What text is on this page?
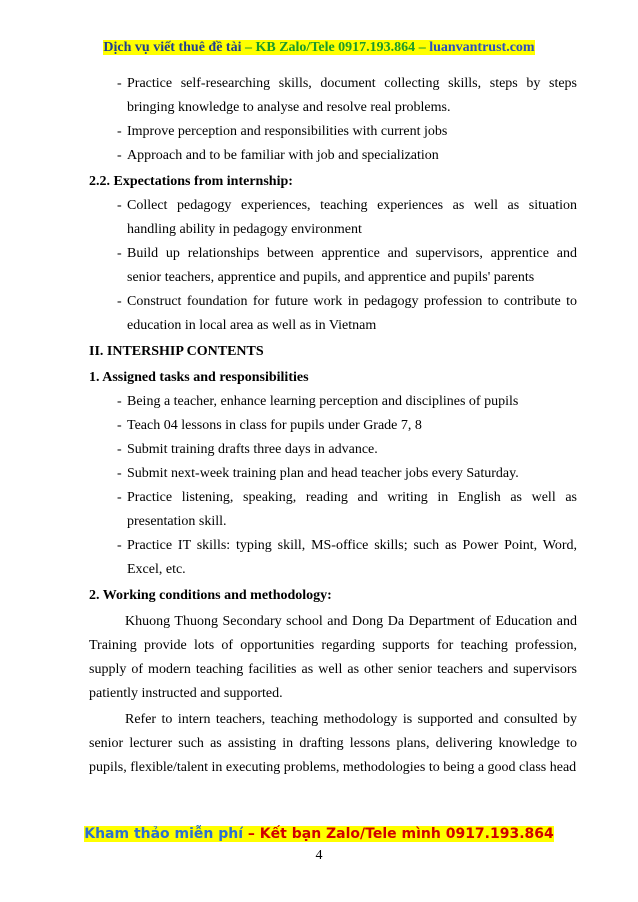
Dịch vụ viết thuê đề tài – KB Zalo/Tele 0917.193.864 – luanvantrust.com
- Practice self-researching skills, document collecting skills, steps by steps bringing knowledge to analyse and resolve real problems.
- Improve perception and responsibilities with current jobs
- Approach and to be familiar with job and specialization
2.2. Expectations from internship:
- Collect pedagogy experiences, teaching experiences as well as situation handling ability in pedagogy environment
- Build up relationships between apprentice and supervisors, apprentice and senior teachers, apprentice and pupils, and apprentice and pupils' parents
- Construct foundation for future work in pedagogy profession to contribute to education in local area as well as in Vietnam
II. INTERSHIP CONTENTS
1. Assigned tasks and responsibilities
- Being a teacher, enhance learning perception and disciplines of pupils
- Teach 04 lessons in class for pupils under Grade 7, 8
- Submit training drafts three days in advance.
- Submit next-week training plan and head teacher jobs every Saturday.
- Practice listening, speaking, reading and writing in English as well as presentation skill.
- Practice IT skills: typing skill, MS-office skills; such as Power Point, Word, Excel, etc.
2. Working conditions and methodology:
Khuong Thuong Secondary school and Dong Da Department of Education and Training provide lots of opportunities regarding supports for teaching profession, supply of modern teaching facilities as well as other senior teachers and supervisors patiently instructed and supported.
Refer to intern teachers, teaching methodology is supported and consulted by senior lecturer such as assisting in drafting lessons plans, delivering knowledge to pupils, flexible/talent in executing problems, methodologies to being a good class head
Kham thảo miễn phí – Kết bạn Zalo/Tele mình 0917.193.864
4
